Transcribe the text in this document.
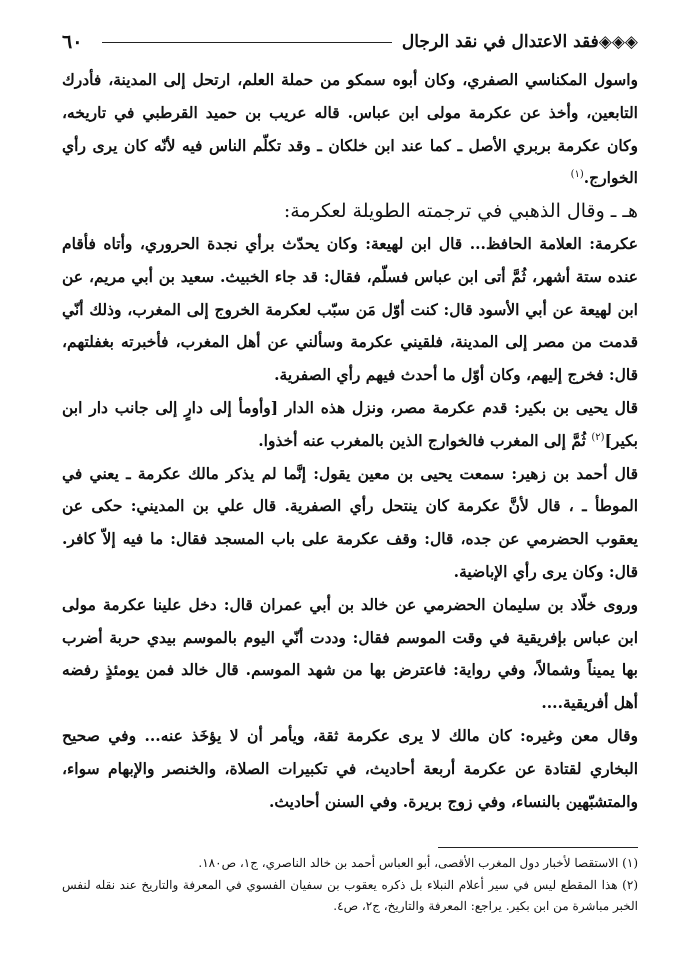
٦٠	◈◈◈فقد الاعتدال في نقد الرجال

واسول المكناسي الصفري، وكان أبوه سمكو من حملة العلم، ارتحل إلى المدينة، فأدرك التابعين، وأخذ عن عكرمة مولى ابن عباس. قاله عريب بن حميد القرطبي في تاريخه، وكان عكرمة بربري الأصل ـ كما عند ابن خلكان ـ وقد تكلّم الناس فيه لأنّه كان يرى رأي الخوارج.$^{(١)}$

هـ ـ وقال الذهبي في ترجمته الطويلة لعكرمة:

عكرمة: العلامة الحافظ... قال ابن لهيعة: وكان يحدّث برأي نجدة الحروري، وأتاه فأقام عنده ستة أشهر، ثُمَّ أتى ابن عباس فسلّم، فقال: قد جاء الخبيث. سعيد بن أبي مريم، عن ابن لهيعة عن أبي الأسود قال: كنت أوّل مَن سبّب لعكرمة الخروج إلى المغرب، وذلك أنّي قدمت من مصر إلى المدينة، فلقيني عكرمة وسألني عن أهل المغرب، فأخبرته بغفلتهم، قال: فخرج إليهم، وكان أوّل ما أحدث فيهم رأي الصفرية.

قال يحيى بن بكير: قدم عكرمة مصر، ونزل هذه الدار [وأومأ إلى دارٍ إلى جانب دار ابن بكير]$^{(٢)}$ ثُمَّ إلى المغرب فالخوارج الذين بالمغرب عنه أخذوا.

قال أحمد بن زهير: سمعت يحيى بن معين يقول: إنَّما لم يذكر مالك عكرمة ـ يعني في الموطأ ـ ، قال لأنَّ عكرمة كان ينتحل رأي الصفرية. قال علي بن المديني: حكى عن يعقوب الحضرمي عن جده، قال: وقف عكرمة على باب المسجد فقال: ما فيه إلاّ كافر. قال: وكان يرى رأي الإباضية.

وروى خلّاد بن سليمان الحضرمي عن خالد بن أبي عمران قال: دخل علينا عكرمة مولى ابن عباس بإفريقية في وقت الموسم فقال: وددت أنّي اليوم بالموسم بيدي حربة أضرب بها يميناً وشمالاً، وفي رواية: فاعترض بها من شهد الموسم. قال خالد فمن يومئذٍ رفضه أهل أفريقية....

وقال معن وغيره: كان مالك لا يرى عكرمة ثقة، ويأمر أن لا يؤخَذ عنه... وفي صحيح البخاري لقتادة عن عكرمة أربعة أحاديث، في تكبيرات الصلاة، والخنصر والإبهام سواء، والمتشبّهين بالنساء، وفي زوج بريرة. وفي السنن أحاديث.

(١) الاستقصا لأخبار دول المغرب الأقصى، أبو العباس أحمد بن خالد الناصري، ج١، ص١٨٠.

(٢) هذا المقطع ليس في سير أعلام النبلاء بل ذكره يعقوب بن سفيان الفسوي في المعرفة والتاريخ عند نقله لنفس الخبر مباشرة من ابن بكير. يراجع: المعرفة والتاريخ، ج٢، ص٤.
